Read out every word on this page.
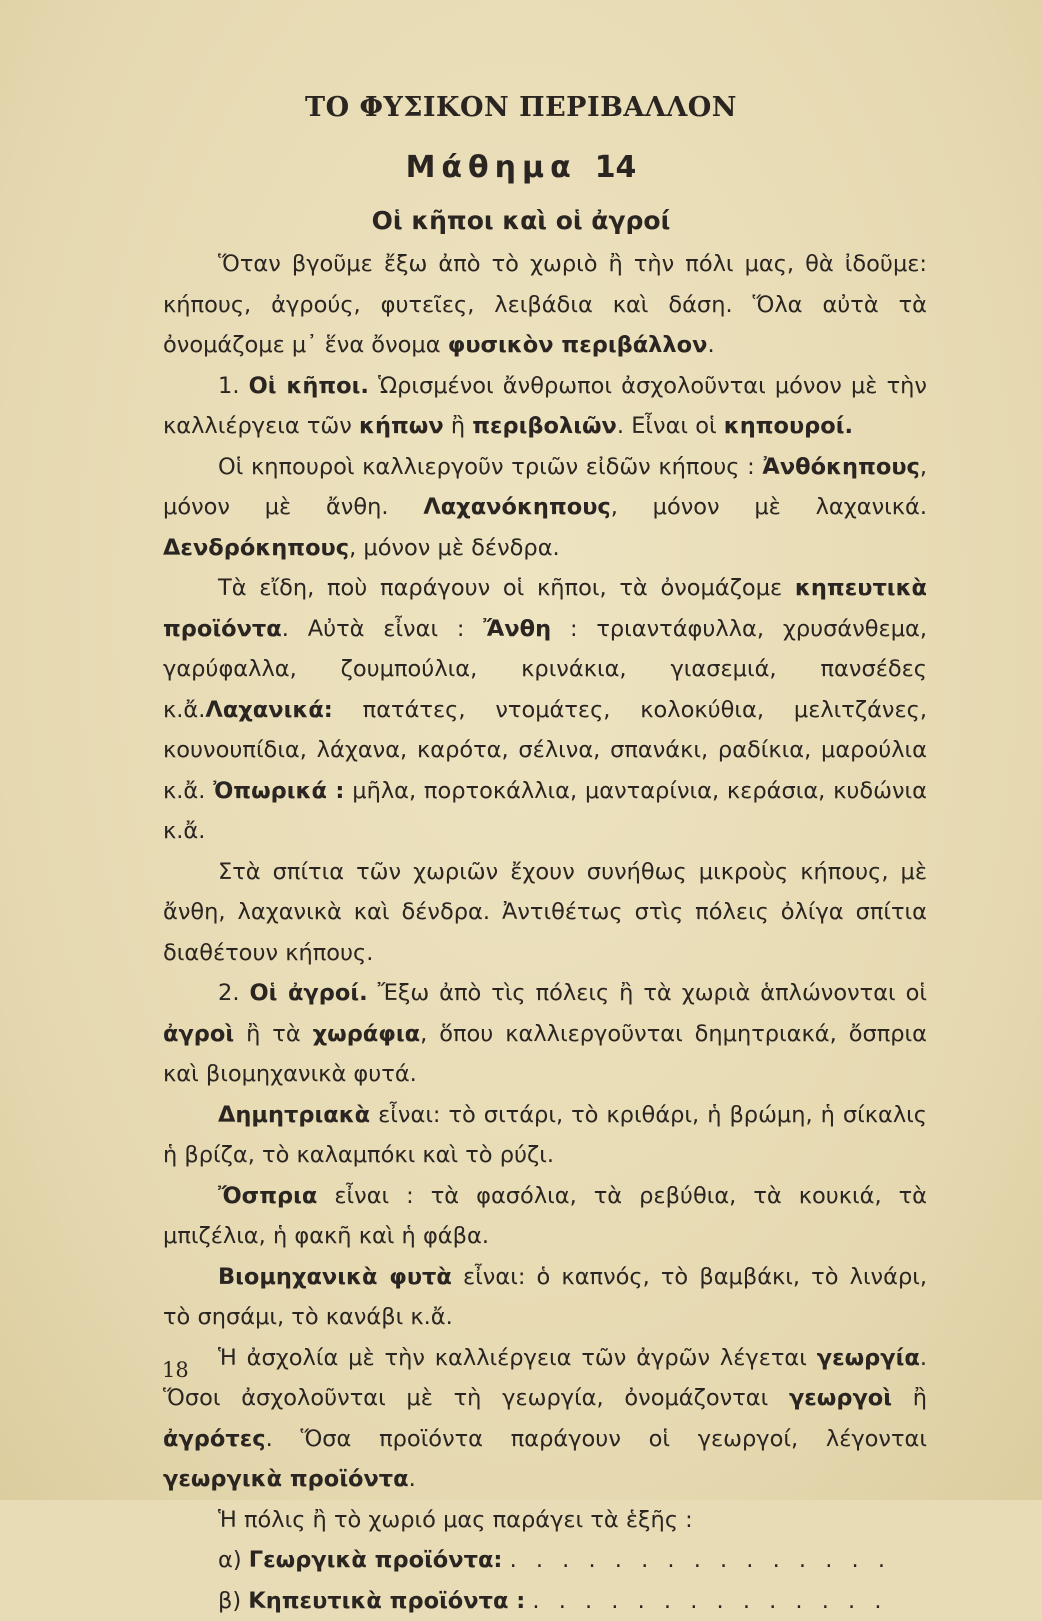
ΤΟ ΦΥΣΙΚΟΝ ΠΕΡΙΒΑΛΛΟΝ
Μάθημα 14
Οἱ κῆποι καὶ οἱ ἀγροί

Ὅταν βγοῦμε ἔξω ἀπὸ τὸ χωριὸ ἢ τὴν πόλι μας, θὰ ἰδοῦμε: κήπους, ἀγρούς, φυτεῖες, λειβάδια καὶ δάση. Ὅλα αὐτὰ τὰ ὀνομάζομε μ᾽ ἕνα ὄνομα φυσικὸν περιβάλλον.

1. Οἱ κῆποι. Ὡρισμένοι ἄνθρωποι ἀσχολοῦνται μόνον μὲ τὴν καλλιέργεια τῶν κήπων ἢ περιβολιῶν. Εἶναι οἱ κηπουροί.

Οἱ κηπουροὶ καλλιεργοῦν τριῶν εἰδῶν κήπους : Ἀνθόκηπους, μόνον μὲ ἄνθη. Λαχανόκηπους, μόνον μὲ λαχανικά. Δενδρόκηπους, μόνον μὲ δένδρα.

Τὰ εἴδη, ποὺ παράγουν οἱ κῆποι, τὰ ὀνομάζομε κηπευτικὰ προϊόντα. Αὐτὰ εἶναι : Ἄνθη : τριαντάφυλλα, χρυσάνθεμα, γαρύφαλλα, ζουμπούλια, κρινάκια, γιασεμιά, πανσέδες κ.ἄ.Λαχανικά: πατάτες, ντομάτες, κολοκύθια, μελιτζάνες, κουνουπίδια, λάχανα, καρότα, σέλινα, σπανάκι, ραδίκια, μαρούλια κ.ἄ. Ὀπωρικά : μῆλα, πορτοκάλλια, μανταρίνια, κεράσια, κυδώνια κ.ἄ.

Στὰ σπίτια τῶν χωριῶν ἔχουν συνήθως μικροὺς κήπους, μὲ ἄνθη, λαχανικὰ καὶ δένδρα. Ἀντιθέτως στὶς πόλεις ὀλίγα σπίτια διαθέτουν κήπους.

2. Οἱ ἀγροί. Ἔξω ἀπὸ τὶς πόλεις ἢ τὰ χωριὰ ἁπλώνονται οἱ ἀγροὶ ἢ τὰ χωράφια, ὅπου καλλιεργοῦνται δημητριακά, ὄσπρια καὶ βιομηχανικὰ φυτά.

Δημητριακὰ εἶναι: τὸ σιτάρι, τὸ κριθάρι, ἡ βρώμη, ἡ σίκαλις ἡ βρίζα, τὸ καλαμπόκι καὶ τὸ ρύζι.

Ὄσπρια εἶναι : τὰ φασόλια, τὰ ρεβύθια, τὰ κουκιά, τὰ μπιζέλια, ἡ φακῆ καὶ ἡ φάβα.

Βιομηχανικὰ φυτὰ εἶναι: ὁ καπνός, τὸ βαμβάκι, τὸ λινάρι, τὸ σησάμι, τὸ κανάβι κ.ἄ.

Ἡ ἀσχολία μὲ τὴν καλλιέργεια τῶν ἀγρῶν λέγεται γεωργία. Ὅσοι ἀσχολοῦνται μὲ τὴ γεωργία, ὀνομάζονται γεωργοὶ ἢ ἀγρότες. Ὅσα προϊόντα παράγουν οἱ γεωργοί, λέγονται γεωργικὰ προϊόντα.

Ἡ πόλις ἢ τὸ χωριό μας παράγει τὰ ἑξῆς :

α) Γεωργικὰ προϊόντα: . . . . . . . . . . . . . . .
β) Κηπευτικὰ προϊόντα : . . . . . . . . . . . . . .
18
